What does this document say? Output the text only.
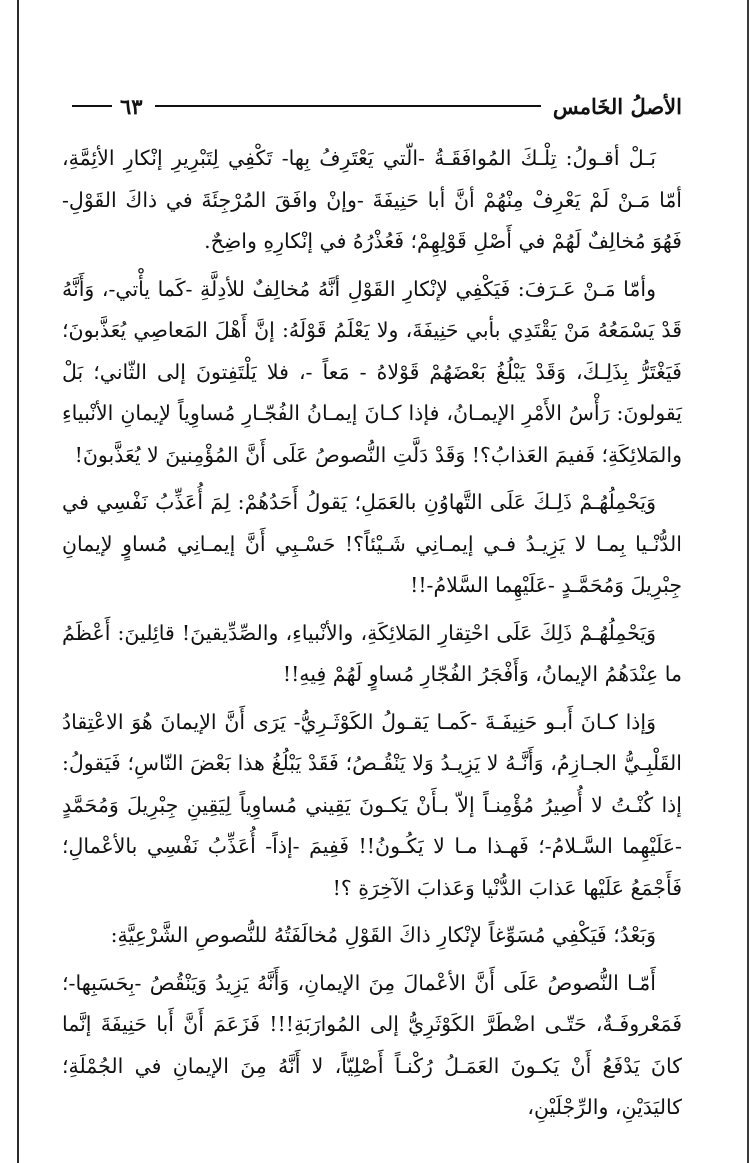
الأصلُ الخَامس
٦٣

بَـلْ أقـولُ: تِلْـكَ المُوافَقَـةُ -الّتي يَعْتَرِفُ بِها- تَكْفِي لِتَبْرِيرِ إنْكارِ الأئِمَّةِ، أمّا مَـنْ لَمْ يَعْرِفْ مِنْهُمْ أنَّ أبا حَنِيفَةَ -وإنْ وافَقَ المُرْجِئَةَ في ذاكَ القَوْلِ- فَهُوَ مُخالِفٌ لَهُمْ في أَصْلِ قَوْلِهِمْ؛ فَعُذْرُهُ في إنْكارِهِ واضِحٌ.

وأمّا مَـنْ عَـرَفَ: فَيَكْفِي لإنْكارِ القَوْلِ أنَّهُ مُخالِفٌ للأدِلَّةِ -كَما يأْتي-، وَأَنَّهُ قَدْ يَسْمَعُهُ مَنْ يَقْتَدِي بأبي حَنِيفَةَ، ولا يَعْلَمُ قَوْلَهُ: إنَّ أَهْلَ المَعاصِي يُعَذَّبونَ؛ فَيَغْتَرُّ بِذَلِـكَ، وَقَدْ يَبْلُغُ بَعْضَهُمْ قَوْلاهُ - مَعاً -، فلا يَلْتَفِتونَ إلى الثّاني؛ بَلْ يَقولونَ: رَأْسُ الأَمْرِ الإيمـانُ، فإذا كـانَ إيمـانُ الفُجّـارِ مُساوِياً لإيمانِ الأنْبياءِ والمَلائِكَةِ؛ فَفيمَ العَذابُ؟! وَقَدْ دَلَّتِ النُّصوصُ عَلَى أَنَّ المُؤْمِنينَ لا يُعَذَّبونَ!

وَيَحْمِلُهُـمْ ذَلِـكَ عَلَى التَّهاوُنِ بالعَمَلِ؛ يَقولُ أَحَدُهُمْ: لِمَ أُعَذِّبُ نَفْسِي في الدُّنْـيا بِمـا لا يَزِيـدُ فـي إيمـانِي شَـيْئاً؟! حَسْـبِي أَنَّ إيمـانِي مُساوٍ لإيمانِ جِبْرِيلَ وَمُحَمَّـدٍ -عَلَيْهِما السَّلامُ-!!

وَيَحْمِلُهُـمْ ذَلِكَ عَلَى احْتِقارِ المَلائِكَةِ، والأنْبياءِ، والصِّدِّيقينَ! قائِلينَ: أَعْظَمُ ما عِنْدَهُمُ الإيمانُ، وَأَفْجَرُ الفُجّارِ مُساوٍ لَهُمْ فِيهِ!!

وَإذا كـانَ أَبـو حَنِيفَـةَ -كَمـا يَقـولُ الكَوْثَـرِيُّ- يَرَى أَنَّ الإيمانَ هُوَ الاعْتِقادُ القَلْبِـيُّ الجـازِمُ، وَأَنَّـهُ لا يَزِيـدُ وَلا يَنْقُـصُ؛ فَقَدْ يَبْلُغُ هذا بَعْضَ النّاسِ؛ فَيَقولُ: إذا كُنْـتُ لا أُصِيرُ مُؤْمِنـاً إلاّ بـأَنْ يَكـونَ يَقِيني مُساوِياً لِيَقِينِ جِبْرِيلَ وَمُحَمَّدٍ -عَلَيْهِما السَّـلامُ-؛ فَهـذا مـا لا يَكُـونُ!! فَفِيمَ -إذاً- أُعَذِّبُ نَفْسِي بالأعْمالِ؛ فَأَجْمَعُ عَلَيْها عَذابَ الدُّنْيا وَعَذابَ الآخِرَةِ ؟!

وَبَعْدُ؛ فَيَكْفِي مُسَوِّغاً لإنْكارِ ذاكَ القَوْلِ مُخالَفَتُهُ للنُّصوصِ الشَّرْعِيَّةِ:

أَمّـا النُّصوصُ عَلَى أَنَّ الأعْمالَ مِنَ الإيمانِ، وَأَنَّهُ يَزِيدُ وَيَنْقُصُ -بِحَسَبِها-؛ فَمَعْروفَـةٌ، حَتّـى اضْطَرَّ الكَوْثَرِيُّ إلى المُوارَبَةِ!!! فَزَعَمَ أَنَّ أَبا حَنِيفَةَ إنَّما كانَ يَدْفَعُ أَنْ يَكـونَ العَمَـلُ رُكْنـاً أَصْلِيّاً، لا أَنَّهُ مِنَ الإيمانِ في الجُمْلَةِ؛ كاليَدَيْنِ، والرِّجْلَيْنِ،
